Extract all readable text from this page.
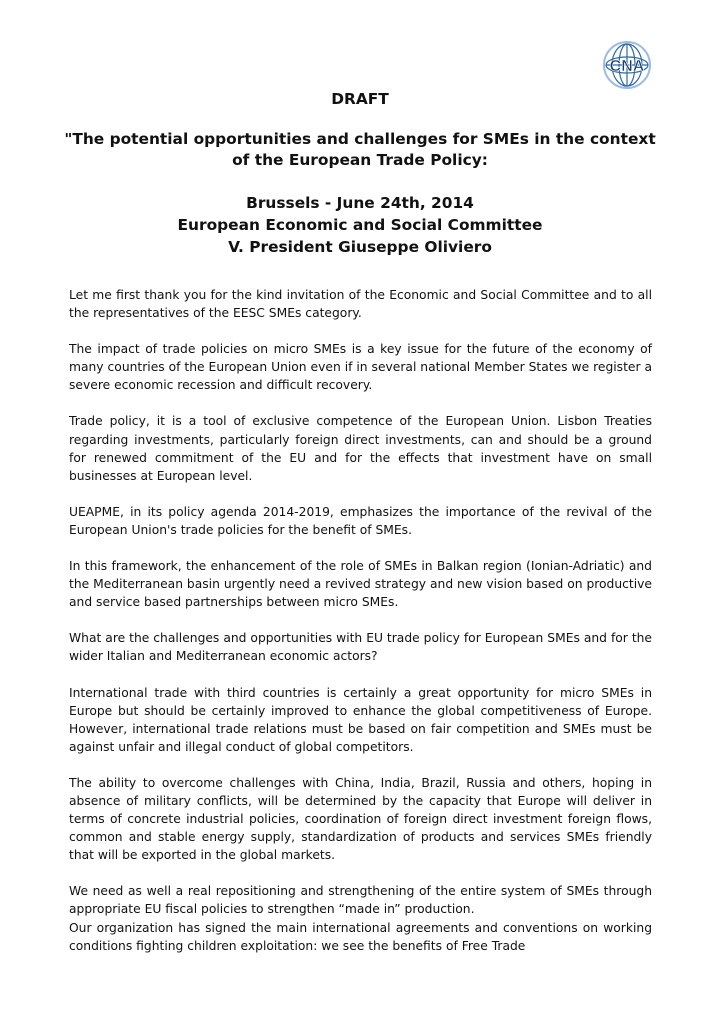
CNA
DRAFT
"The potential opportunities and challenges for SMEs in the context
of the European Trade Policy:
Brussels - June 24th, 2014
European Economic and Social Committee
V. President Giuseppe Oliviero

Let me first thank you for the kind invitation of the Economic and Social Committee and to all the representatives of the EESC SMEs category.

The impact of trade policies on micro SMEs is a key issue for the future of the economy of many countries of the European Union even if in several national Member States we register a severe economic recession and difficult recovery.

Trade policy, it is a tool of exclusive competence of the European Union. Lisbon Treaties regarding investments, particularly foreign direct investments, can and should be a ground for renewed commitment of the EU and for the effects that investment have on small businesses at European level.

UEAPME, in its policy agenda 2014-2019, emphasizes the importance of the revival of the European Union's trade policies for the benefit of SMEs.

In this framework, the enhancement of the role of SMEs in Balkan region (Ionian-Adriatic) and the Mediterranean basin urgently need a revived strategy and new vision based on productive and service based partnerships between micro SMEs.

What are the challenges and opportunities with EU trade policy for European SMEs and for the wider Italian and Mediterranean economic actors?

International trade with third countries is certainly a great opportunity for micro SMEs in Europe but should be certainly improved to enhance the global competitiveness of Europe. However, international trade relations must be based on fair competition and SMEs must be against unfair and illegal conduct of global competitors.

The ability to overcome challenges with China, India, Brazil, Russia and others, hoping in absence of military conflicts, will be determined by the capacity that Europe will deliver in terms of concrete industrial policies, coordination of foreign direct investment foreign flows, common and stable energy supply, standardization of products and services SMEs friendly that will be exported in the global markets.

We need as well a real repositioning and strengthening of the entire system of SMEs through appropriate EU fiscal policies to strengthen “made in” production.

Our organization has signed the main international agreements and conventions on working conditions fighting children exploitation: we see the benefits of Free Trade
